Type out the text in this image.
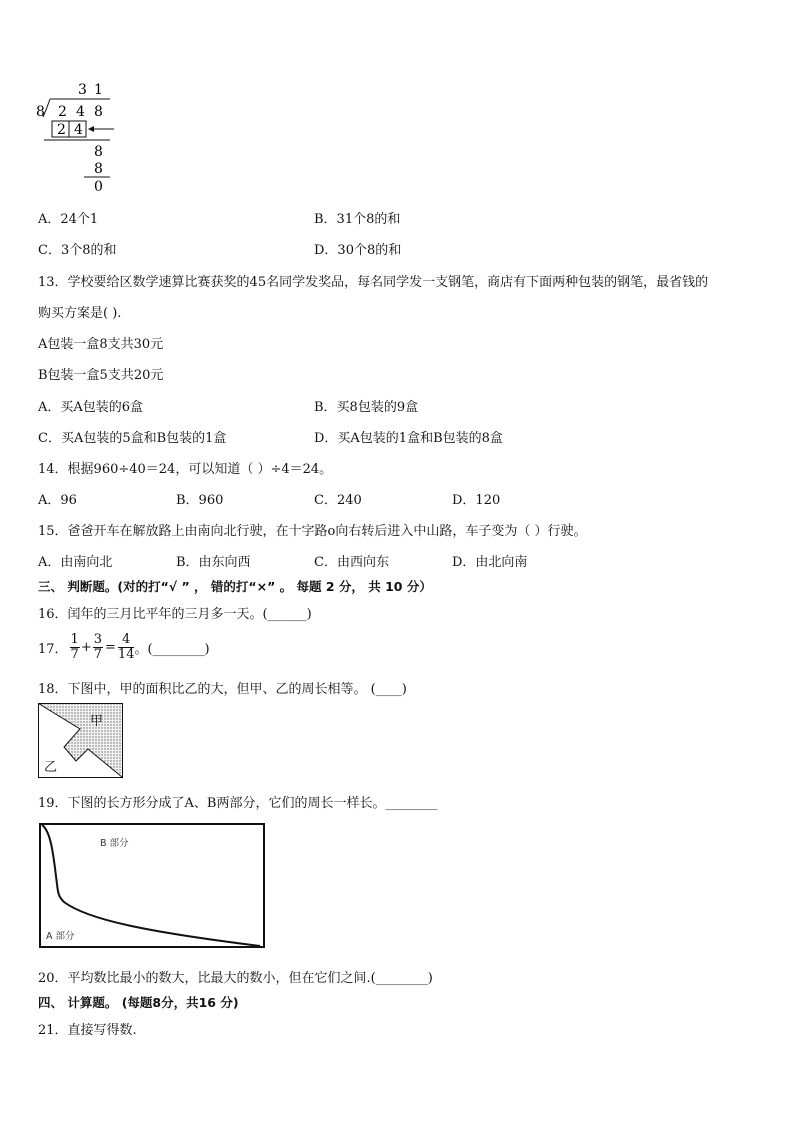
3 1
8 2 4 8
2 4
8
8
0
A．24个1	B．31个8的和
C．3个8的和	D．30个8的和
13．学校要给区数学速算比赛获奖的45名同学发奖品，每名同学发一支钢笔，商店有下面两种包装的钢笔，最省钱的
购买方案是( ).
A包装一盒8支共30元
B包装一盒5支共20元
A．买A包装的6盒	B．买8包装的9盒
C．买A包装的5盒和B包装的1盒	D．买A包装的1盒和B包装的8盒
14．根据960÷40＝24，可以知道（ ）÷4＝24。
A．96	B．960	C．240	D．120
15．爸爸开车在解放路上由南向北行驶，在十字路o向右转后进入中山路，车子变为（ ）行驶。
A．由南向北	B．由东向西	C．由西向东	D．由北向南
三、 判断题。(对的打“√ ” ， 错的打“×” 。 每题 2 分， 共 10 分）
16．闰年的三月比平年的三月多一天。(______)
17． $\frac{1}{7} + \frac{3}{7} = \frac{4}{14}$ 。(________)
18．下图中，甲的面积比乙的大，但甲、乙的周长相等。 (____)
甲
乙
19．下图的长方形分成了A、B两部分，它们的周长一样长。________
B 部分
A 部分
20．平均数比最小的数大，比最大的数小，但在它们之间.(________)
四、 计算题。 (每题8分，共16 分)
21．直接写得数.
